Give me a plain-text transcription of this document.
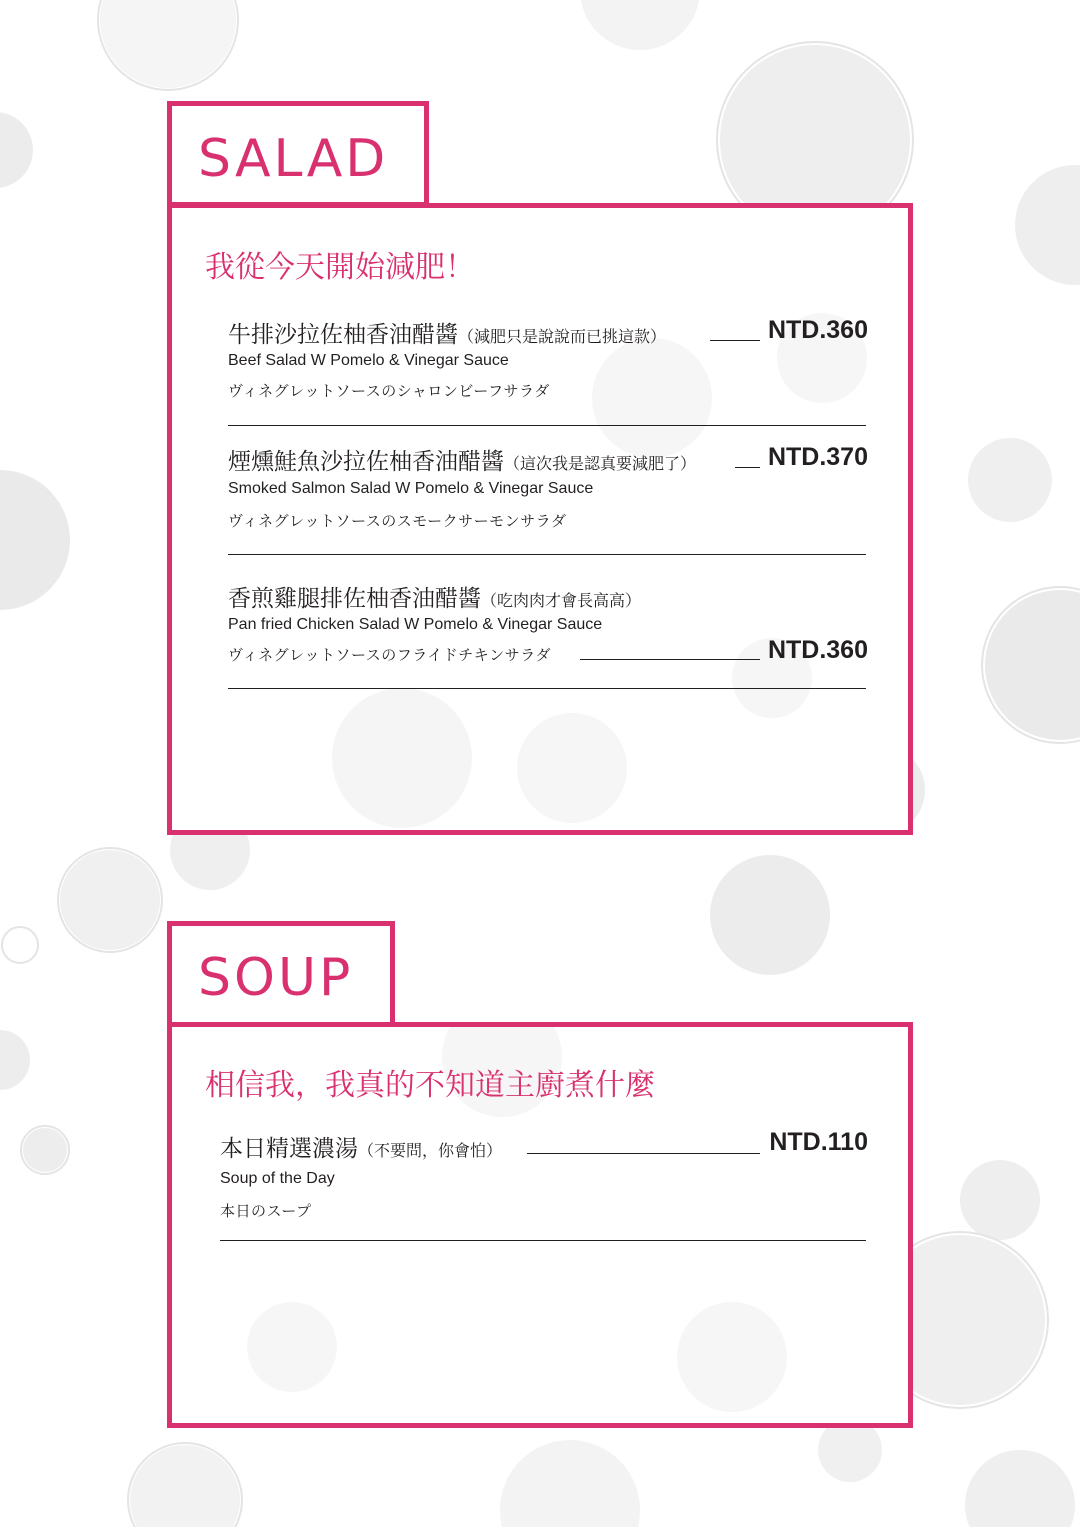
SALAD
我從今天開始減肥！
牛排沙拉佐柚香油醋醬（減肥只是說說而已挑這款）	NTD.360
Beef Salad W Pomelo & Vinegar Sauce
ヴィネグレットソースのシャロンビーフサラダ
煙燻鮭魚沙拉佐柚香油醋醬（這次我是認真要減肥了）	NTD.370
Smoked Salmon Salad W Pomelo & Vinegar Sauce
ヴィネグレットソースのスモークサーモンサラダ
香煎雞腿排佐柚香油醋醬（吃肉肉才會長高高）
Pan fried Chicken Salad W Pomelo & Vinegar Sauce
ヴィネグレットソースのフライドチキンサラダ	NTD.360
SOUP
相信我，我真的不知道主廚煮什麼
本日精選濃湯（不要問，你會怕）	NTD.110
Soup of the Day
本日のスープ
